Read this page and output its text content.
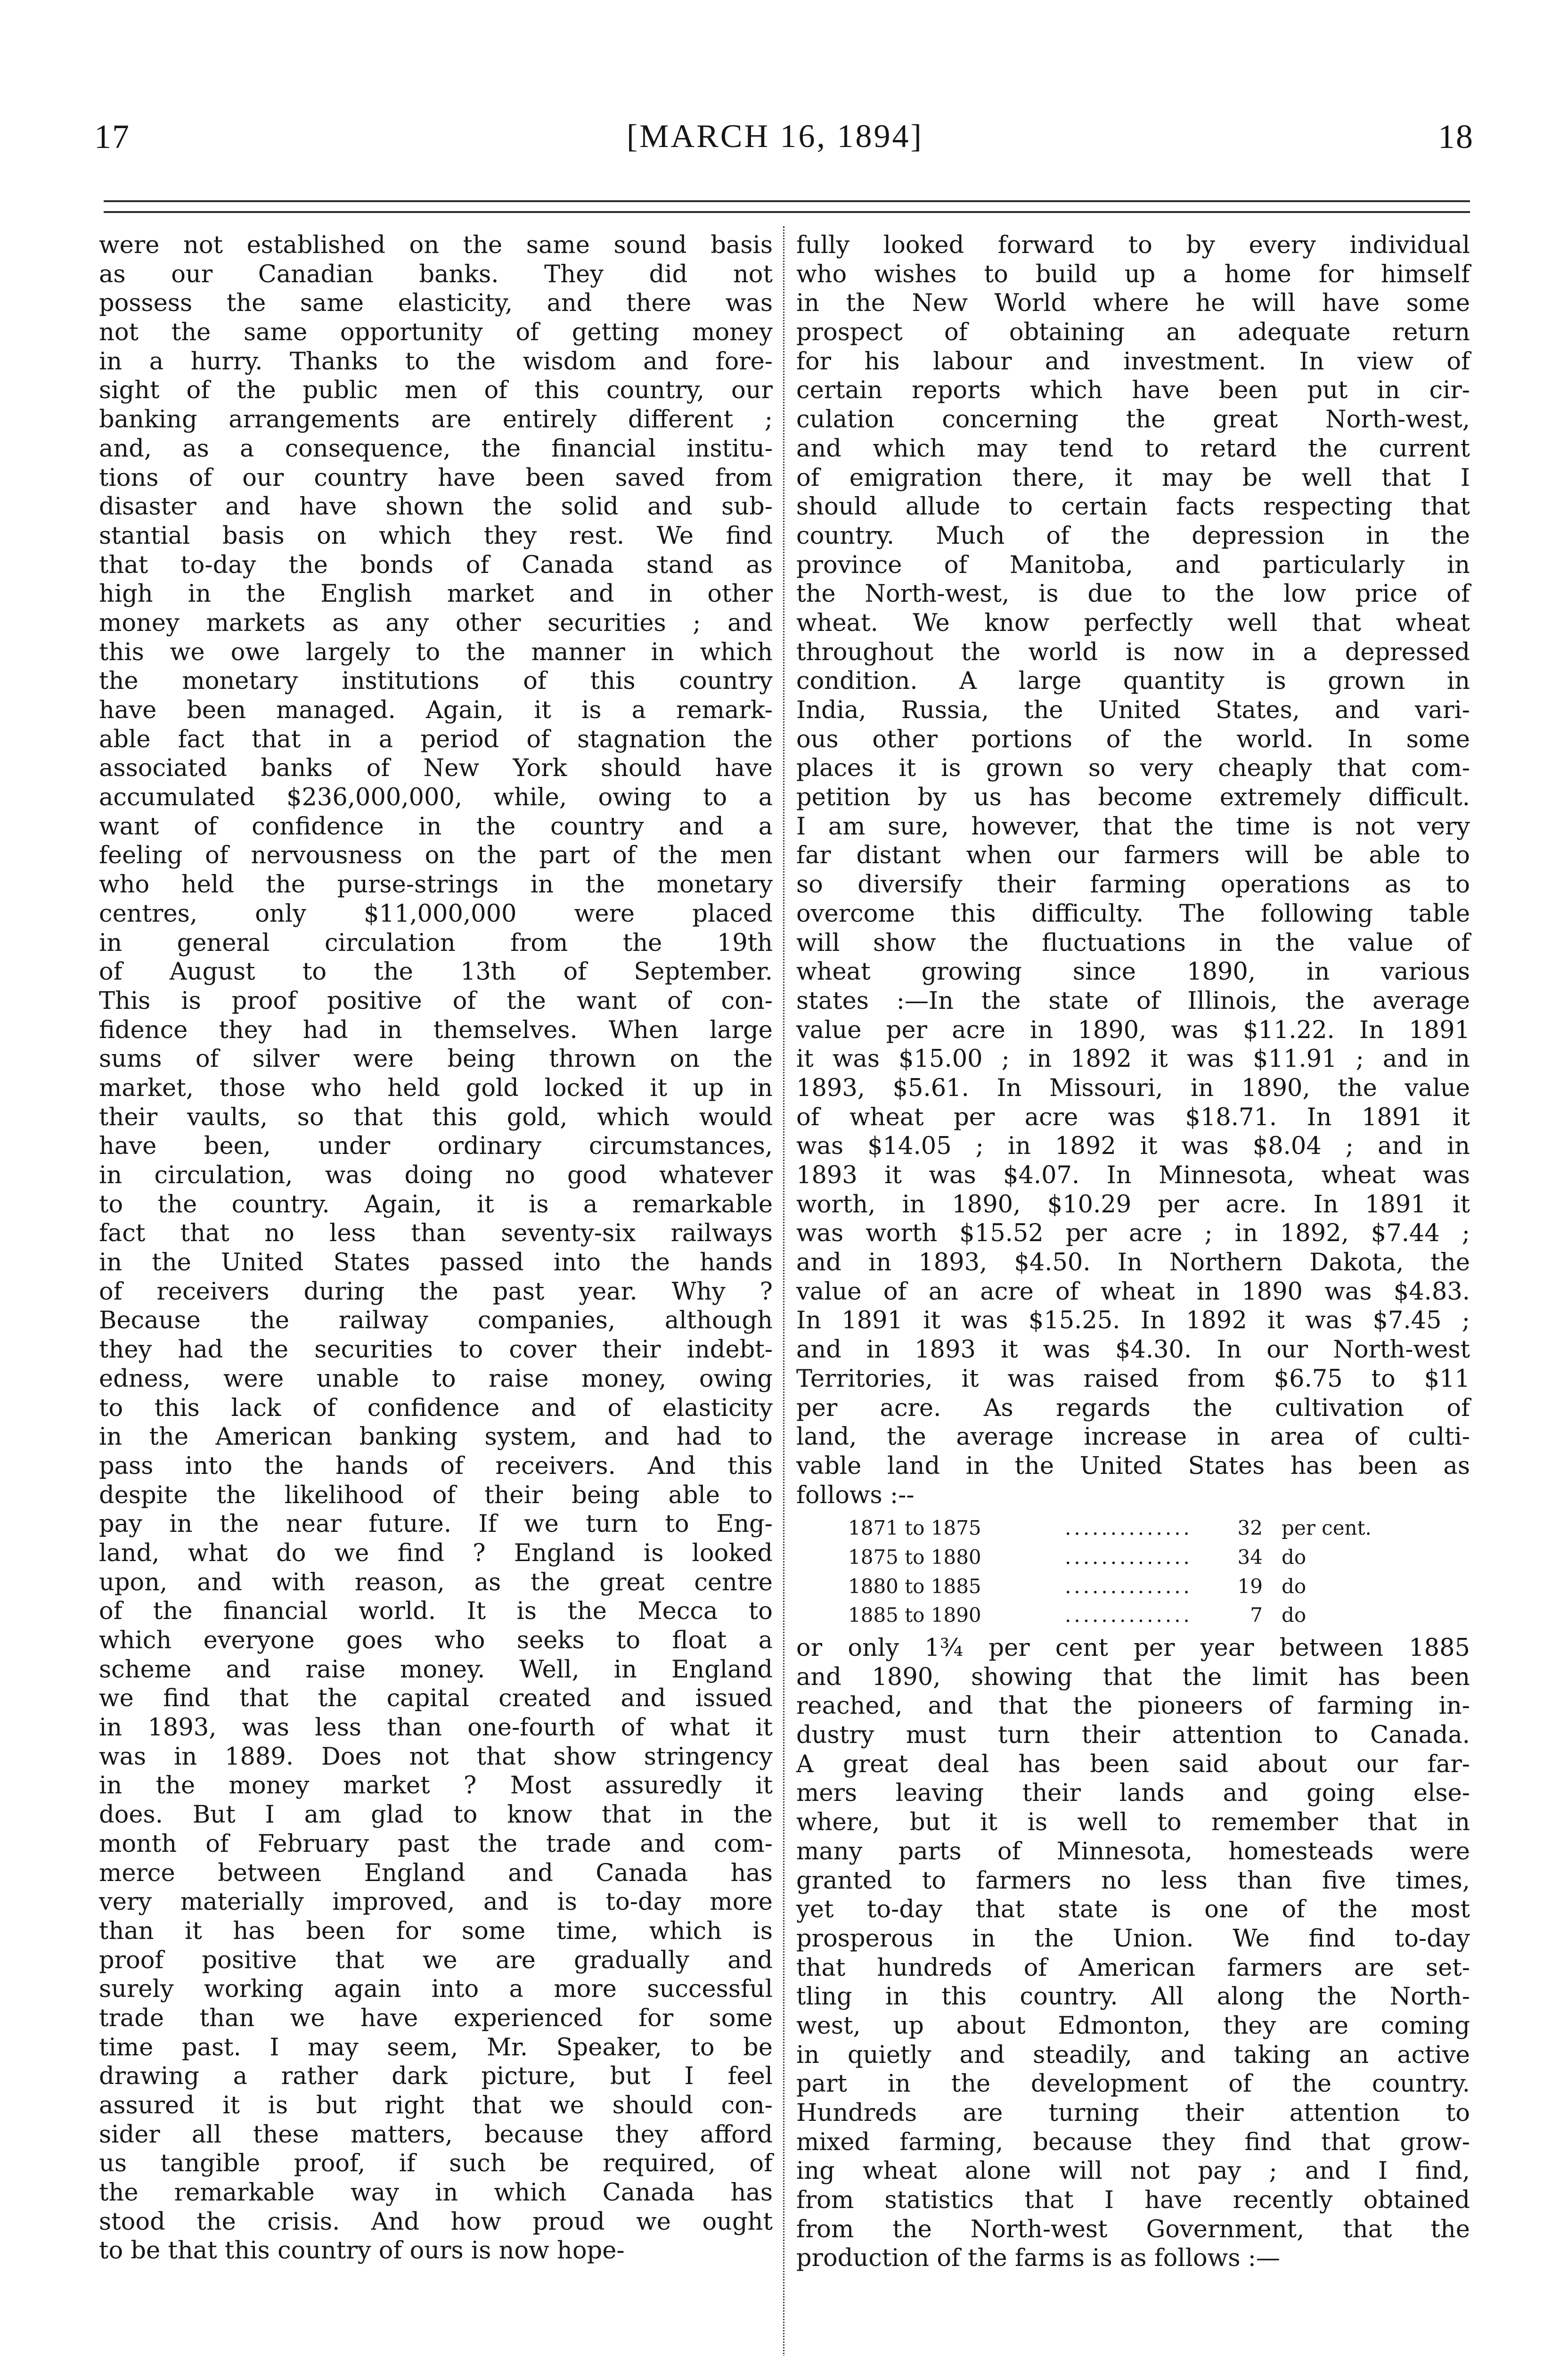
17	[MARCH 16, 1894]	18
were not established on the same sound basis
as our Canadian banks. They did not
possess the same elasticity, and there was
not the same opportunity of getting money
in a hurry. Thanks to the wisdom and fore-
sight of the public men of this country, our
banking arrangements are entirely different ;
and, as a consequence, the financial institu-
tions of our country have been saved from
disaster and have shown the solid and sub-
stantial basis on which they rest. We find
that to-day the bonds of Canada stand as
high in the English market and in other
money markets as any other securities ; and
this we owe largely to the manner in which
the monetary institutions of this country
have been managed. Again, it is a remark-
able fact that in a period of stagnation the
associated banks of New York should have
accumulated $236,000,000, while, owing to a
want of confidence in the country and a
feeling of nervousness on the part of the men
who held the purse-strings in the monetary
centres, only $11,000,000 were placed
in general circulation from the 19th
of August to the 13th of September.
This is proof positive of the want of con-
fidence they had in themselves. When large
sums of silver were being thrown on the
market, those who held gold locked it up in
their vaults, so that this gold, which would
have been, under ordinary circumstances,
in circulation, was doing no good whatever
to the country. Again, it is a remarkable
fact that no less than seventy-six railways
in the United States passed into the hands
of receivers during the past year. Why ?
Because the railway companies, although
they had the securities to cover their indebt-
edness, were unable to raise money, owing
to this lack of confidence and of elasticity
in the American banking system, and had to
pass into the hands of receivers. And this
despite the likelihood of their being able to
pay in the near future. If we turn to Eng-
land, what do we find ? England is looked
upon, and with reason, as the great centre
of the financial world. It is the Mecca to
which everyone goes who seeks to float a
scheme and raise money. Well, in England
we find that the capital created and issued
in 1893, was less than one-fourth of what it
was in 1889. Does not that show stringency
in the money market ? Most assuredly it
does. But I am glad to know that in the
month of February past the trade and com-
merce between England and Canada has
very materially improved, and is to-day more
than it has been for some time, which is
proof positive that we are gradually and
surely working again into a more successful
trade than we have experienced for some
time past. I may seem, Mr. Speaker, to be
drawing a rather dark picture, but I feel
assured it is but right that we should con-
sider all these matters, because they afford
us tangible proof, if such be required, of
the remarkable way in which Canada has
stood the crisis. And how proud we ought
to be that this country of ours is now hope-
fully looked forward to by every individual
who wishes to build up a home for himself
in the New World where he will have some
prospect of obtaining an adequate return
for his labour and investment. In view of
certain reports which have been put in cir-
culation concerning the great North-west,
and which may tend to retard the current
of emigration there, it may be well that I
should allude to certain facts respecting that
country. Much of the depression in the
province of Manitoba, and particularly in
the North-west, is due to the low price of
wheat. We know perfectly well that wheat
throughout the world is now in a depressed
condition. A large quantity is grown in
India, Russia, the United States, and vari-
ous other portions of the world. In some
places it is grown so very cheaply that com-
petition by us has become extremely difficult.
I am sure, however, that the time is not very
far distant when our farmers will be able to
so diversify their farming operations as to
overcome this difficulty. The following table
will show the fluctuations in the value of
wheat growing since 1890, in various
states :—In the state of Illinois, the average
value per acre in 1890, was $11.22. In 1891
it was $15.00 ; in 1892 it was $11.91 ; and in
1893, $5.61. In Missouri, in 1890, the value
of wheat per acre was $18.71. In 1891 it
was $14.05 ; in 1892 it was $8.04 ; and in
1893 it was $4.07. In Minnesota, wheat was
worth, in 1890, $10.29 per acre. In 1891 it
was worth $15.52 per acre ; in 1892, $7.44 ;
and in 1893, $4.50. In Northern Dakota, the
value of an acre of wheat in 1890 was $4.83.
In 1891 it was $15.25. In 1892 it was $7.45 ;
and in 1893 it was $4.30. In our North-west
Territories, it was raised from $6.75 to $11
per acre. As regards the cultivation of
land, the average increase in area of culti-
vable land in the United States has been as
follows :--
1871 to 1875	..............	32 per cent.
1875 to 1880	..............	34 do
1880 to 1885	..............	19 do
1885 to 1890	..............	7 do
or only 1¾ per cent per year between 1885
and 1890, showing that the limit has been
reached, and that the pioneers of farming in-
dustry must turn their attention to Canada.
A great deal has been said about our far-
mers leaving their lands and going else-
where, but it is well to remember that in
many parts of Minnesota, homesteads were
granted to farmers no less than five times,
yet to-day that state is one of the most
prosperous in the Union. We find to-day
that hundreds of American farmers are set-
tling in this country. All along the North-
west, up about Edmonton, they are coming
in quietly and steadily, and taking an active
part in the development of the country.
Hundreds are turning their attention to
mixed farming, because they find that grow-
ing wheat alone will not pay ; and I find,
from statistics that I have recently obtained
from the North-west Government, that the
production of the farms is as follows :—
